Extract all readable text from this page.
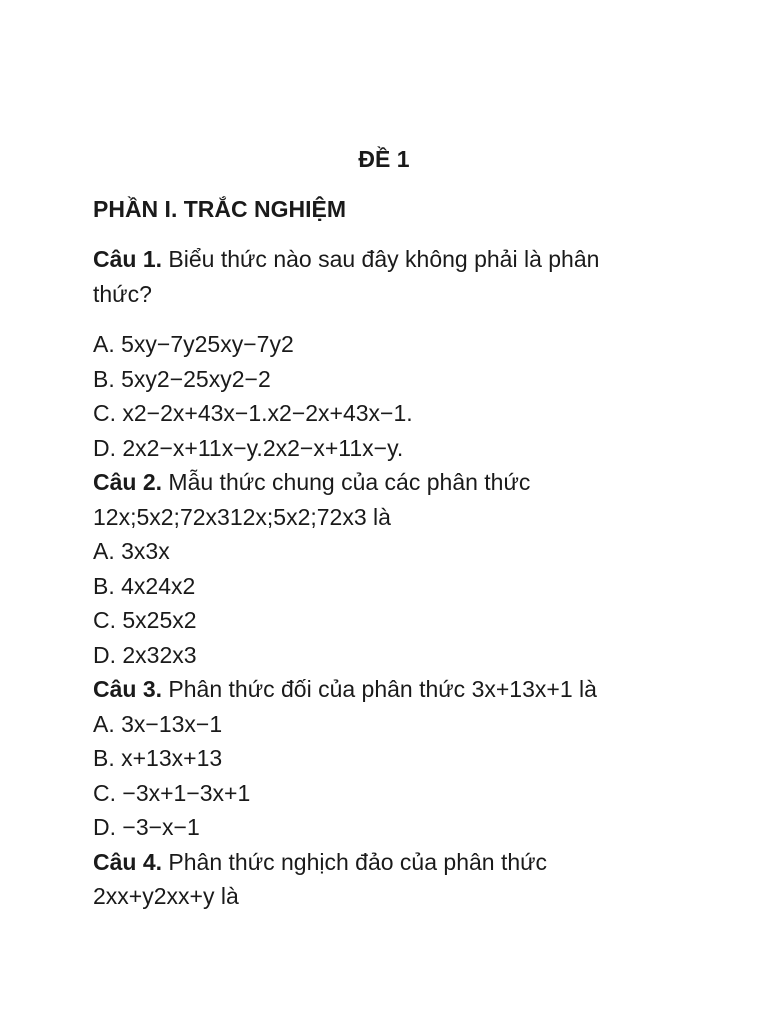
ĐỀ 1
PHẦN I. TRẮC NGHIỆM

Câu 1. Biểu thức nào sau đây không phải là phân thức?

A. 5xy−7y25xy−7y2

B. 5xy2−25xy2−2

C. x2−2x+43x−1.x2−2x+43x−1.

D. 2x2−x+11x−y.2x2−x+11x−y.

Câu 2. Mẫu thức chung của các phân thức 12x;5x2;72x312x;5x2;72x3 là

A. 3x3x

B. 4x24x2

C. 5x25x2

D. 2x32x3

Câu 3. Phân thức đối của phân thức 3x+13x+1 là

A. 3x−13x−1

B. x+13x+13

C. −3x+1−3x+1

D. −3−x−1

Câu 4. Phân thức nghịch đảo của phân thức 2xx+y2xx+y là
